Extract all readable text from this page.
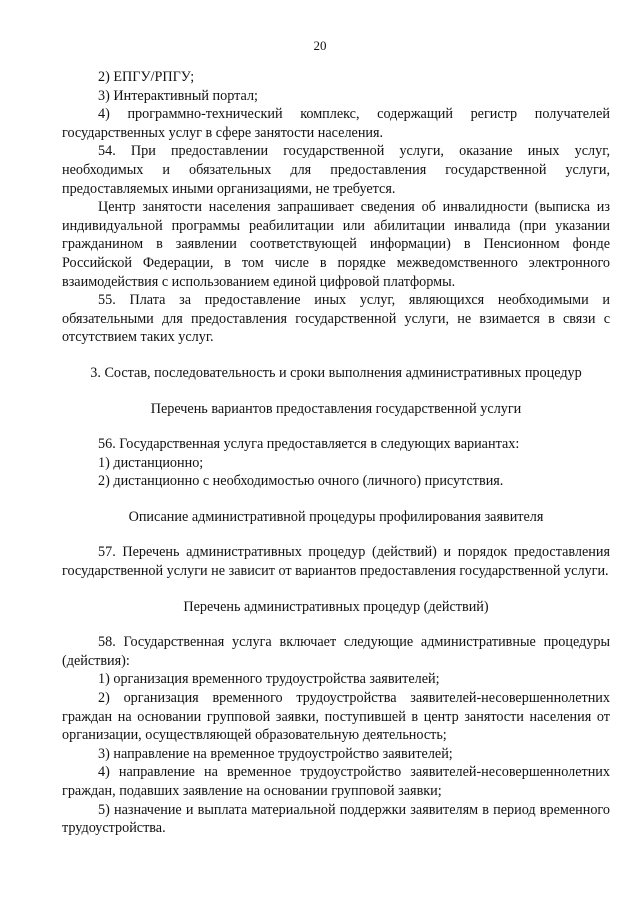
20

2) ЕПГУ/РПГУ;

3) Интерактивный портал;

4) программно-технический комплекс, содержащий регистр получателей государственных услуг в сфере занятости населения.

54. При предоставлении государственной услуги, оказание иных услуг, необходимых и обязательных для предоставления государственной услуги, предоставляемых иными организациями, не требуется.

Центр занятости населения запрашивает сведения об инвалидности (выписка из индивидуальной программы реабилитации или абилитации инвалида (при указании гражданином в заявлении соответствующей информации) в Пенсионном фонде Российской Федерации, в том числе в порядке межведомственного электронного взаимодействия с использованием единой цифровой платформы.

55. Плата за предоставление иных услуг, являющихся необходимыми и обязательными для предоставления государственной услуги, не взимается в связи с отсутствием таких услуг.

3. Состав, последовательность и сроки выполнения административных процедур

Перечень вариантов предоставления государственной услуги

56. Государственная услуга предоставляется в следующих вариантах:

1) дистанционно;

2) дистанционно с необходимостью очного (личного) присутствия.

Описание административной процедуры профилирования заявителя

57. Перечень административных процедур (действий) и порядок предоставления государственной услуги не зависит от вариантов предоставления государственной услуги.

Перечень административных процедур (действий)

58. Государственная услуга включает следующие административные процедуры (действия):

1) организация временного трудоустройства заявителей;

2) организация временного трудоустройства заявителей-несовершеннолетних граждан на основании групповой заявки, поступившей в центр занятости населения от организации, осуществляющей образовательную деятельность;

3) направление на временное трудоустройство заявителей;

4) направление на временное трудоустройство заявителей-несовершеннолетних граждан, подавших заявление на основании групповой заявки;

5) назначение и выплата материальной поддержки заявителям в период временного трудоустройства.
